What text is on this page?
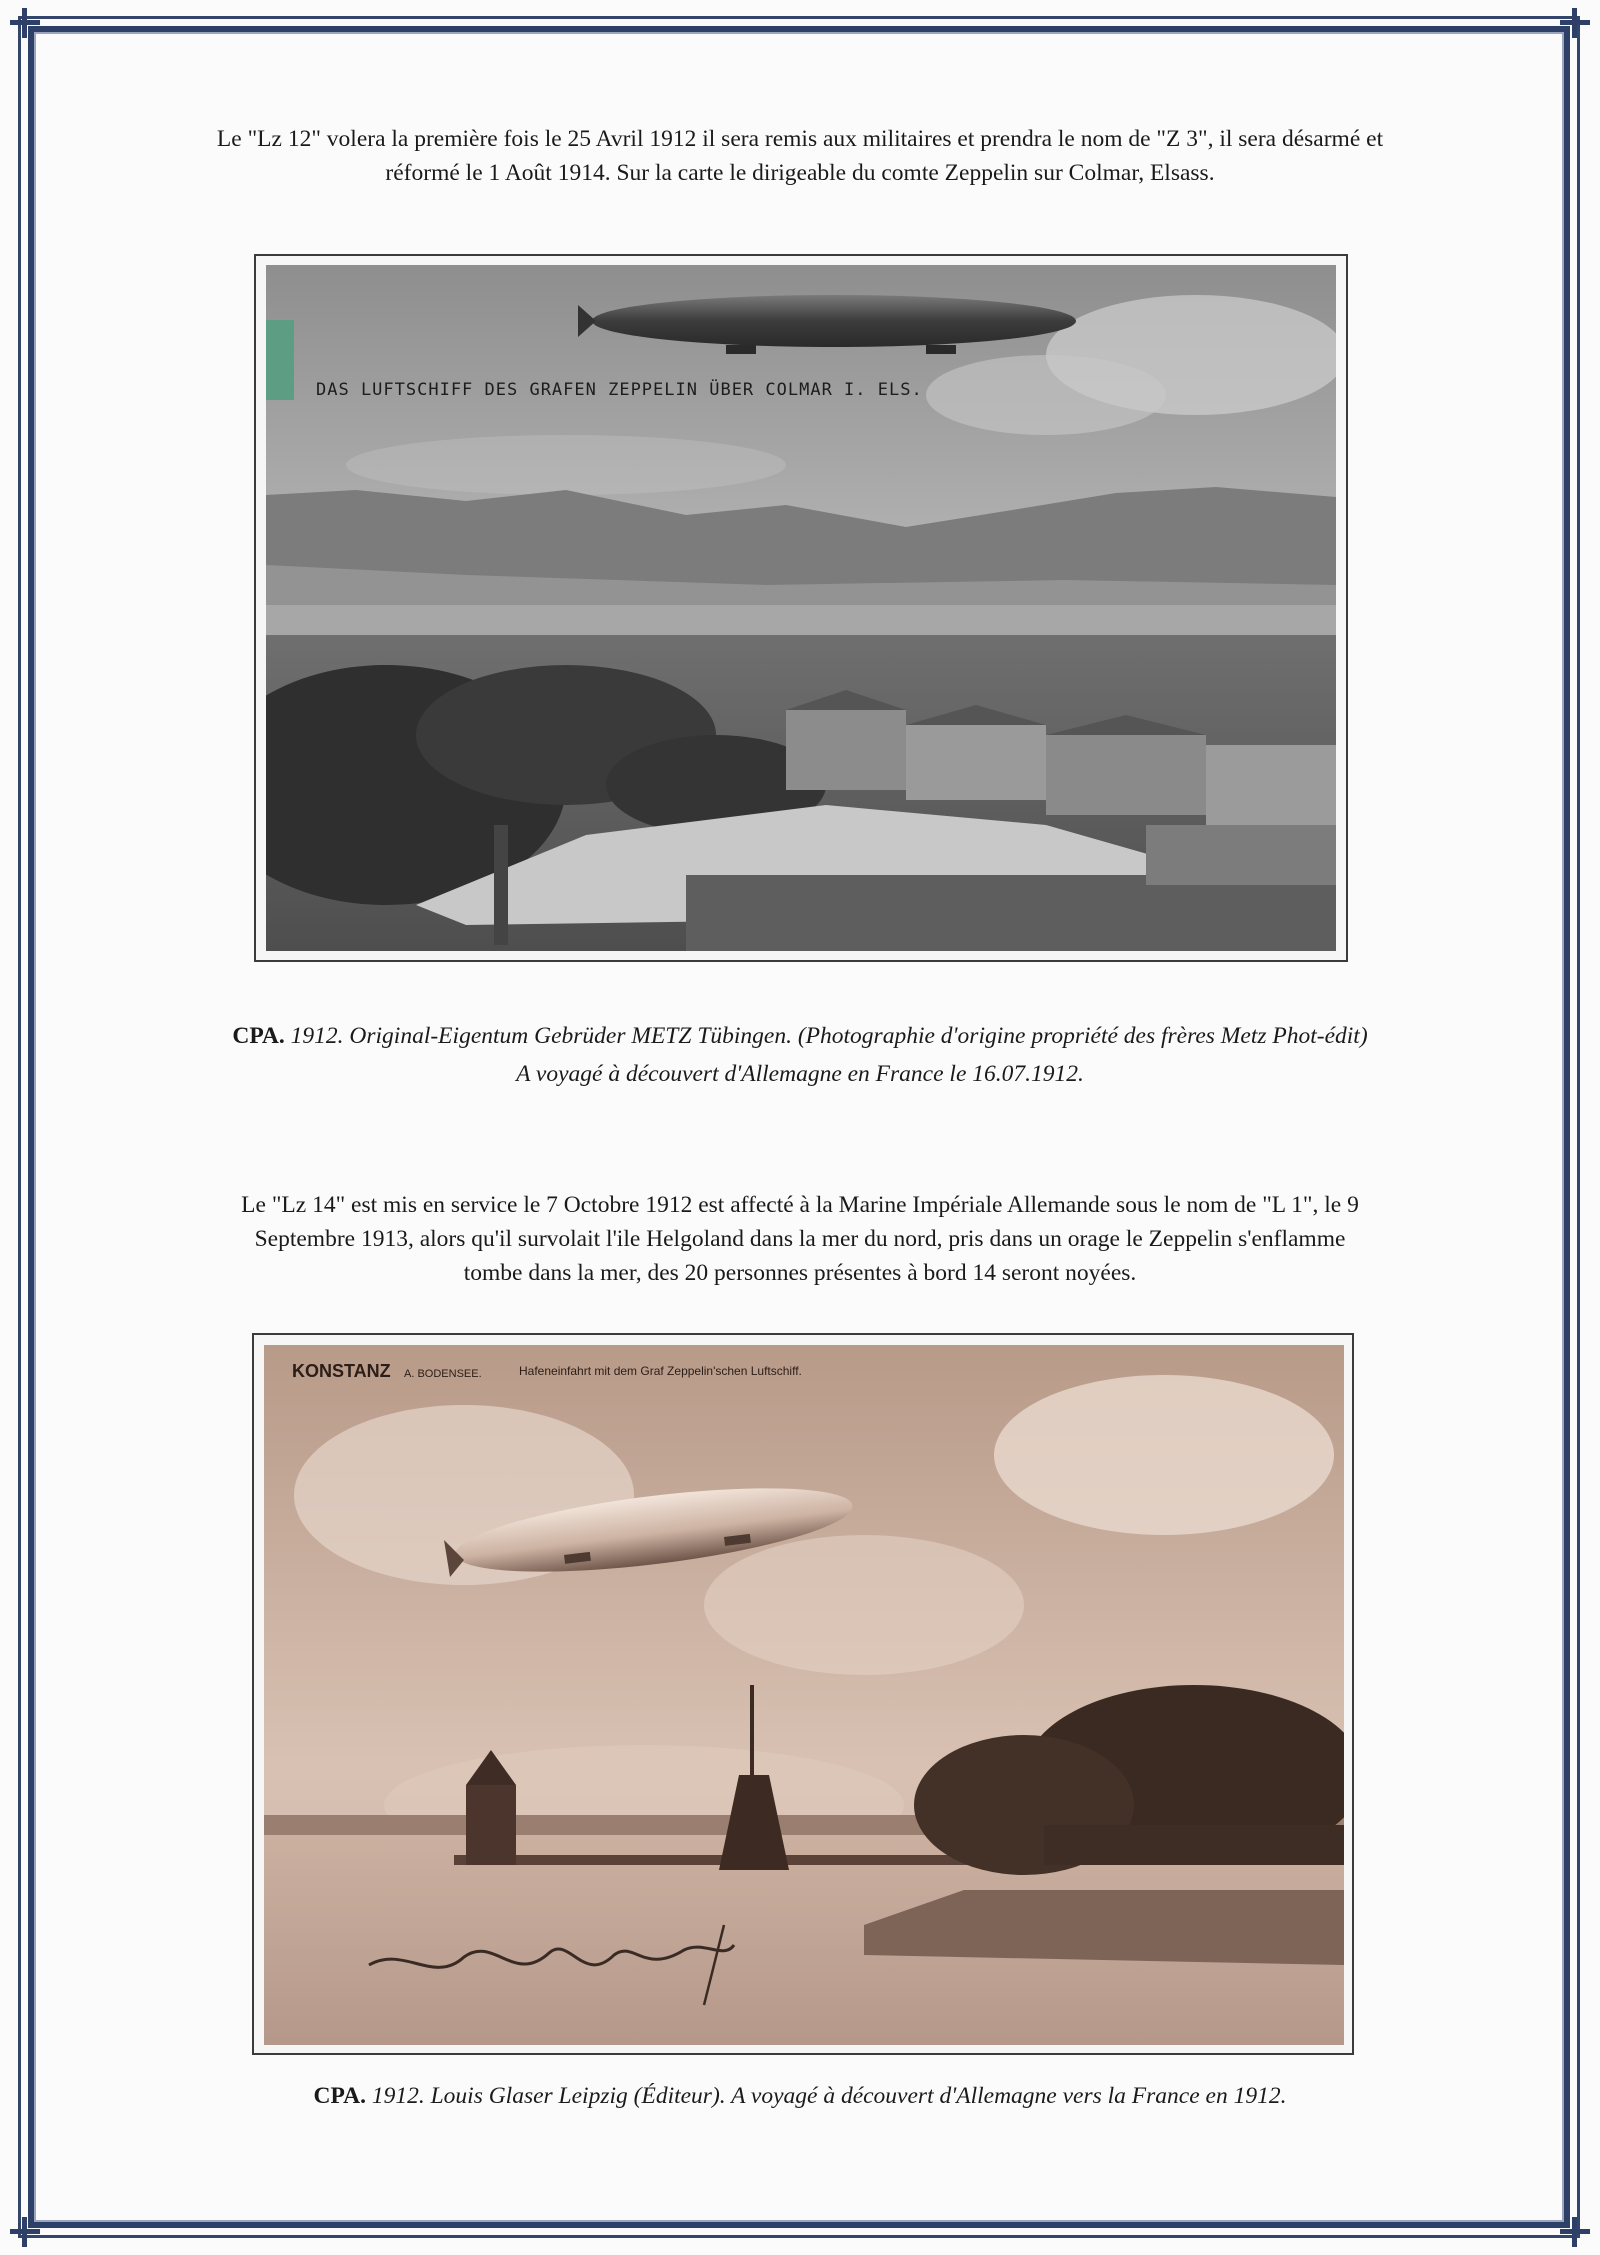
Le "Lz 12" volera la première fois le 25 Avril 1912 il sera remis aux militaires et prendra le nom de "Z 3", il sera désarmé et
réformé le 1 Août 1914. Sur la carte le dirigeable du comte Zeppelin sur Colmar, Elsass.
DAS LUFTSCHIFF DES GRAFEN ZEPPELIN ÜBER COLMAR I. ELS.
CPA. 1912. Original-Eigentum Gebrüder METZ Tübingen. (Photographie d'origine propriété des frères Metz Phot-édit)
A voyagé à découvert d'Allemagne en France le 16.07.1912.
Le "Lz 14" est mis en service le 7 Octobre 1912 est affecté à la Marine Impériale Allemande sous le nom de "L 1", le 9
Septembre 1913, alors qu'il survolait l'ile Helgoland dans la mer du nord, pris dans un orage le Zeppelin s'enflamme
tombe dans la mer, des 20 personnes présentes à bord 14 seront noyées.
KONSTANZ A. BODENSEE.	Hafeneinfahrt mit dem Graf Zeppelin'schen Luftschiff.
CPA. 1912. Louis Glaser Leipzig (Éditeur). A voyagé à découvert d'Allemagne vers la France en 1912.
